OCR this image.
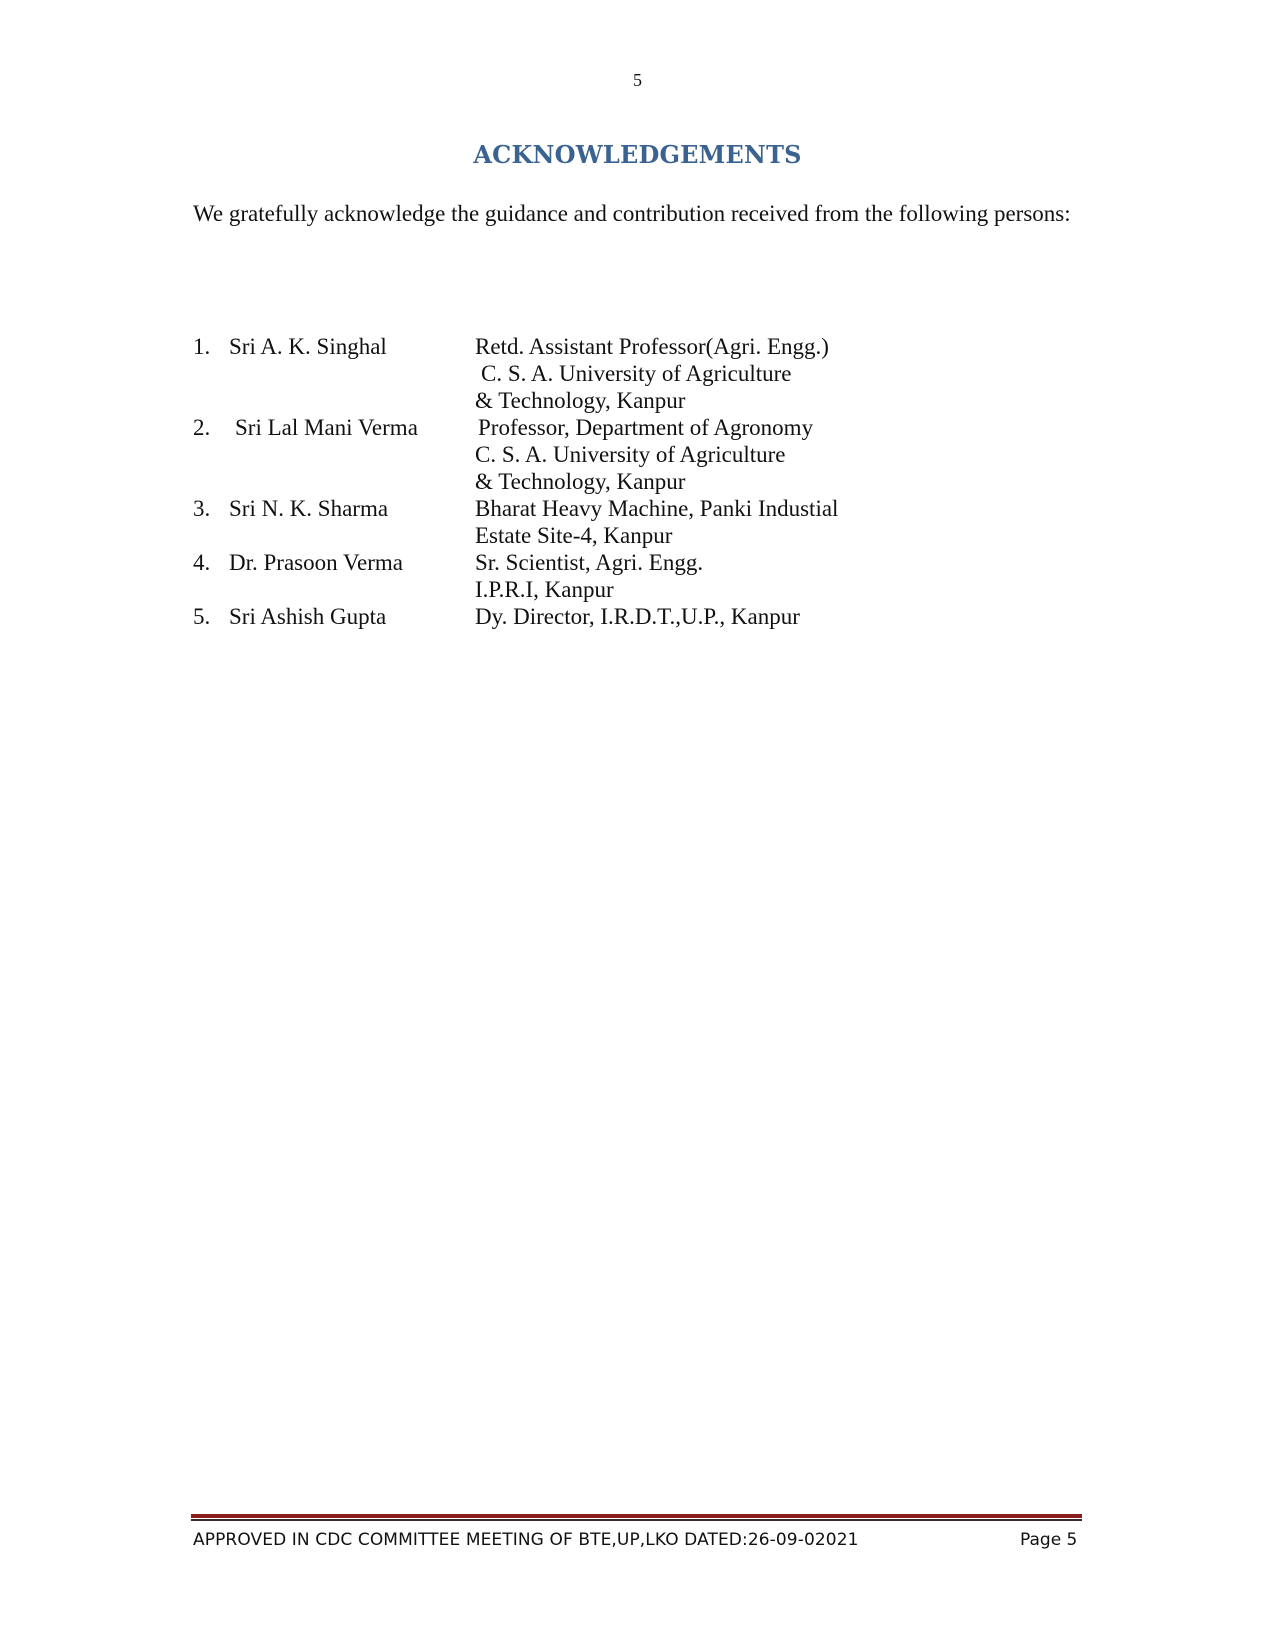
5
ACKNOWLEDGEMENTS
We gratefully acknowledge the guidance and contribution received from the following persons:
1. Sri A. K. Singhal	Retd. Assistant Professor(Agri. Engg.)
C. S. A. University of Agriculture
& Technology, Kanpur
2.	Sri Lal Mani Verma	Professor, Department of Agronomy
C. S. A. University of Agriculture
& Technology, Kanpur
3. Sri N. K. Sharma	Bharat Heavy Machine, Panki Industial
Estate Site-4, Kanpur
4. Dr. Prasoon Verma	Sr. Scientist, Agri. Engg.
I.P.R.I, Kanpur
5. Sri Ashish Gupta	Dy. Director, I.R.D.T.,U.P., Kanpur
APPROVED IN CDC COMMITTEE MEETING OF BTE,UP,LKO DATED:26-09-02021	Page 5
